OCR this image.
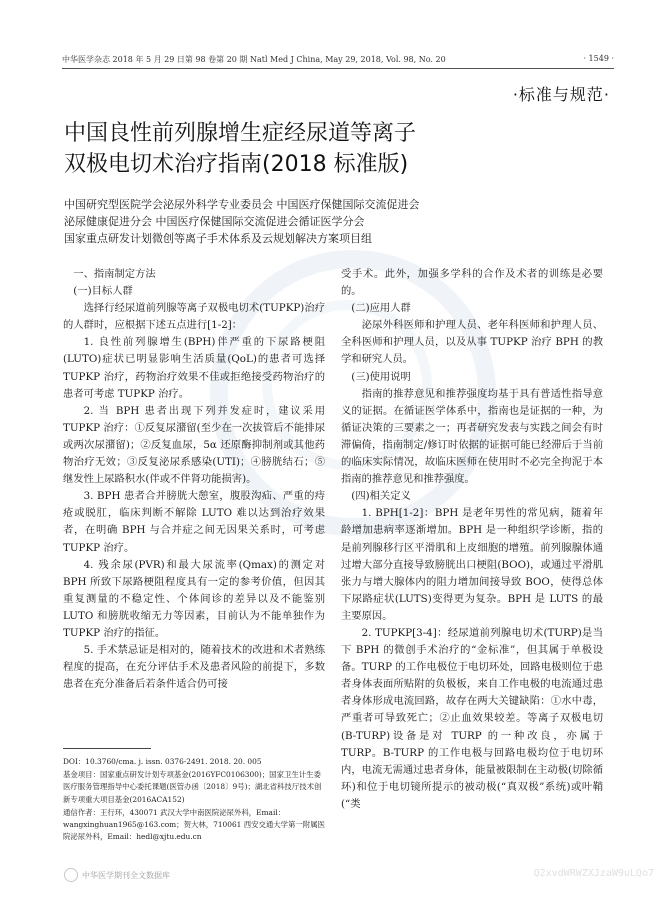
中华医学杂志 2018 年 5 月 29 日第 98 卷第 20 期 Natl Med J China, May 29, 2018, Vol. 98, No. 20	· 1549 ·
·标准与规范·
中国良性前列腺增生症经尿道等离子
双极电切术治疗指南(2018 标准版)
中国研究型医院学会泌尿外科学专业委员会 中国医疗保健国际交流促进会
泌尿健康促进分会 中国医疗保健国际交流促进会循证医学分会
国家重点研发计划微创等离子手术体系及云规划解决方案项目组

一、指南制定方法

(一)目标人群

选择行经尿道前列腺等离子双极电切术(TUPKP)治疗的人群时，应根据下述五点进行[1-2]：

1. 良性前列腺增生(BPH)伴严重的下尿路梗阻(LUTO)症状已明显影响生活质量(QoL)的患者可选择 TUPKP 治疗，药物治疗效果不佳或拒绝接受药物治疗的患者可考虑 TUPKP 治疗。

2. 当 BPH 患者出现下列并发症时，建议采用 TUPKP 治疗：①反复尿潴留(至少在一次拔管后不能排尿或两次尿潴留)；②反复血尿，5α 还原酶抑制剂或其他药物治疗无效；③反复泌尿系感染(UTI)；④膀胱结石；⑤继发性上尿路积水(伴或不伴肾功能损害)。

3. BPH 患者合并膀胱大憩室，腹股沟疝、严重的痔疮或脱肛，临床判断不解除 LUTO 难以达到治疗效果者，在明确 BPH 与合并症之间无因果关系时，可考虑 TUPKP 治疗。

4. 残余尿(PVR)和最大尿流率(Qmax)的测定对 BPH 所致下尿路梗阻程度具有一定的参考价值，但因其重复测量的不稳定性、个体间诊的差异以及不能鉴别 LUTO 和膀胱收缩无力等因素，目前认为不能单独作为 TUPKP 治疗的指征。

5. 手术禁忌证是相对的，随着技术的改进和术者熟练程度的提高，在充分评估手术及患者风险的前提下，多数患者在充分准备后若条件适合仍可接

受手术。此外，加强多学科的合作及术者的训练是必要的。

(二)应用人群

泌尿外科医师和护理人员、老年科医师和护理人员、全科医师和护理人员，以及从事 TUPKP 治疗 BPH 的教学和研究人员。

(三)使用说明

指南的推荐意见和推荐强度均基于具有普适性指导意义的证据。在循证医学体系中，指南也是证据的一种，为循证决策的三要素之一；再者研究发表与实践之间会有时滞偏倚，指南制定/修订时依据的证据可能已经滞后于当前的临床实际情况，故临床医师在使用时不必完全拘泥于本指南的推荐意见和推荐强度。

(四)相关定义

1. BPH[1-2]：BPH 是老年男性的常见病，随着年龄增加患病率逐渐增加。BPH 是一种组织学诊断，指的是前列腺移行区平滑肌和上皮细胞的增殖。前列腺腺体通过增大部分直接导致膀胱出口梗阻(BOO)，或通过平滑肌张力与增大腺体内的阻力增加间接导致 BOO，使得总体下尿路症状(LUTS)变得更为复杂。BPH 是 LUTS 的最主要原因。

2. TUPKP[3-4]：经尿道前列腺电切术(TURP)是当下 BPH 的微创手术治疗的“金标准”，但其属于单极设备。TURP 的工作电极位于电切环处，回路电极则位于患者身体表面所贴附的负极板，来自工作电极的电流通过患者身体形成电流回路，故存在两大关键缺陷：①水中毒，严重者可导致死亡；②止血效果较差。等离子双极电切(B-TURP)设备是对 TURP 的一种改良，亦属于 TURP。B-TURP 的工作电极与回路电极均位于电切环内，电流无需通过患者身体，能量被限制在主动极(切除循环)和位于电切镜所提示的被动极(“真双极”系统)或叶鞘(“类

DOI：10.3760/cma. j. issn. 0376-2491. 2018. 20. 005

基金项目：国家重点研发计划专项基金(2016YFC0106300)；国家卫生计生委医疗服务管理指导中心委托课题(医管办函〔2018〕9号)；湖北省科技厅技术创新专项重大项目基金(2016ACA152)

通信作者：王行环，430071 武汉大学中南医院泌尿外科，Email：wangxinghuan1965@163.com；贺大林，710061 西安交通大学第一附属医院泌尿外科，Email：hedl@xjtu.edu.cn

中华医学期刊全文数据库	Q2xvdWRWZXJzaW9uLQo7
